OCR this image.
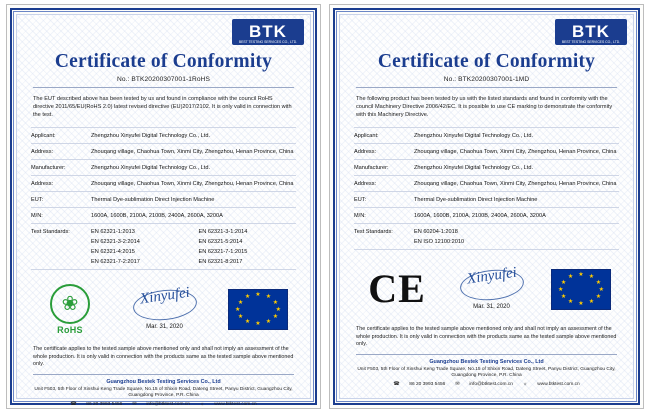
BTK
BEST TESTING SERVICES CO., LTD.
Certificate of Conformity
No.: BTK20200307001-1RoHS
The EUT described above has been tested by us and found in compliance with the council RoHS directive 2011/65/EU(RoHS 2.0) latest revised directive (EU)2017/2102. It is only valid in connection with the test.
Applicant:	Zhengzhou Xinyufei Digital Technology Co., Ltd.
Address:	Zhouqang village, Chaohua Town, Xinmi City, Zhengzhou, Henan Province, China
Manufacturer:	Zhengzhou Xinyufei Digital Technology Co., Ltd.
Address:	Zhouqang village, Chaohua Town, Xinmi City, Zhengzhou, Henan Province, China
EUT:	Thermal Dye-sublimation Direct Injection Machine
M/N:	1600A, 1600B, 2100A, 2100B, 2400A, 2600A, 3200A
Test Standards:	EN 62321-1:2013	EN 62321-3-1:2014
EN 62321-3-2:2014	EN 62321-5:2014
EN 62321-4:2015	EN 62321-7-1:2015
EN 62321-7-2:2017	EN 62321-8:2017
❀
RoHS
Xinyufei
Mar. 31, 2020
★ ★
★
★
★
★
★
★
★
★
★
★
The certificate applies to the tested sample above mentioned only and shall not imply an assessment of the whole production. It is only valid in connection with the products same as the tested sample above mentioned only.
Guangzhou Bestek Testing Services Co., Ltd
Unit F503, 5th Floor of Xinshui Keng Trade Square, No.15 of Shixin Road, Dateng Street, Panyu District, Guangzhou City, Guangdong Province, P.R. China
☎ 86 20 3993 5456 ✉ info@btktest.com.cn ☼ www.btktest.com.cn
BTK
BEST TESTING SERVICES CO., LTD.
Certificate of Conformity
No.: BTK20200307001-1MD
The following product has been tested by us with the listed standards and found in conformity with the council Machinery Directive 2006/42/EC. It is possible to use CE marking to demonstrate the conformity with this Machinery Directive.
Applicant:	Zhengzhou Xinyufei Digital Technology Co., Ltd.
Address:	Zhouqang village, Chaohua Town, Xinmi City, Zhengzhou, Henan Province, China
Manufacturer:	Zhengzhou Xinyufei Digital Technology Co., Ltd.
Address:	Zhouqang village, Chaohua Town, Xinmi City, Zhengzhou, Henan Province, China
EUT:	Thermal Dye-sublimation Direct Injection Machine
M/N:	1600A, 1600B, 2100A, 2100B, 2400A, 2600A, 3200A
Test Standards:	EN 60204-1:2018
EN ISO 12100:2010
CE	Xinyufei
Mar. 31, 2020
★ ★
★
★
★
★
★
★
★
★
★
★
The certificate applies to the tested sample above mentioned only and shall not imply an assessment of the whole production. It is only valid in connection with the products same as the tested sample above mentioned only.
Guangzhou Bestek Testing Services Co., Ltd
Unit F503, 5th Floor of Xinshui Keng Trade Square, No.15 of Shixin Road, Dateng Street, Panyu District, Guangzhou City, Guangdong Province, P.R. China
☎ 86 20 3993 5456 ✉ info@btktest.com.cn ☼ www.btktest.com.cn
